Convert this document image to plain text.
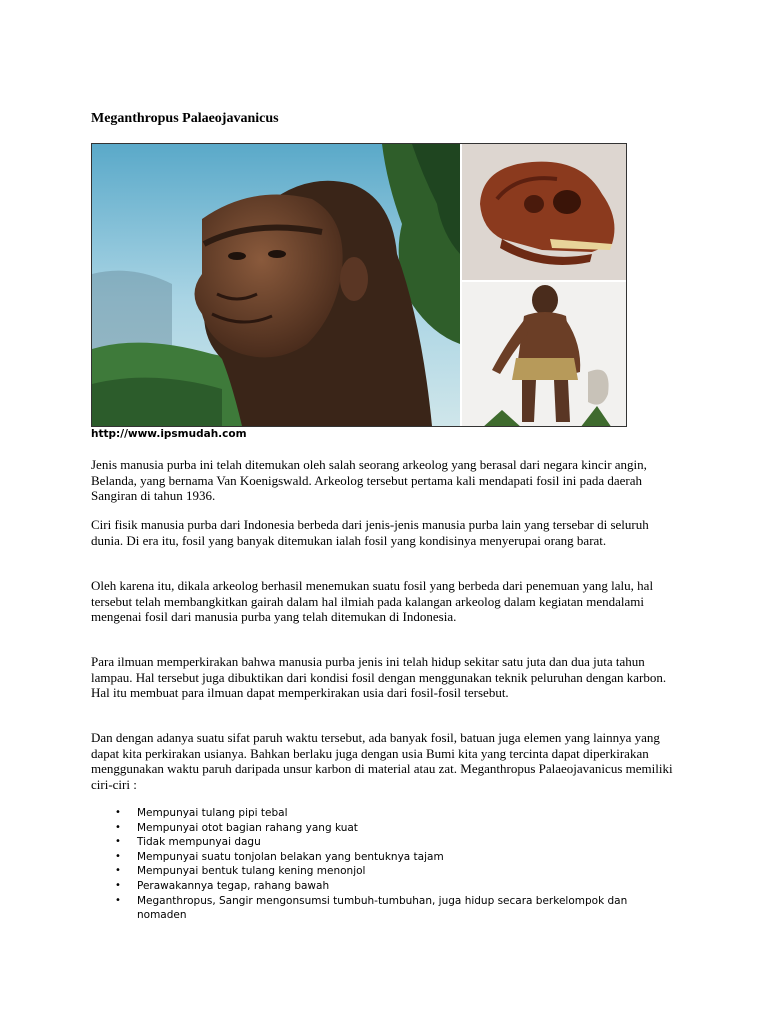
Meganthropus Palaeojavanicus
http://www.ipsmudah.com

Jenis manusia purba ini telah ditemukan oleh salah seorang arkeolog yang berasal dari negara kincir angin, Belanda, yang bernama Van Koenigswald. Arkeolog tersebut pertama kali mendapati fosil ini pada daerah Sangiran di tahun 1936.

Ciri fisik manusia purba dari Indonesia berbeda dari jenis-jenis manusia purba lain yang tersebar di seluruh dunia. Di era itu, fosil yang banyak ditemukan ialah fosil yang kondisinya menyerupai orang barat.

Oleh karena itu, dikala arkeolog berhasil menemukan suatu fosil yang berbeda dari penemuan yang lalu, hal tersebut telah membangkitkan gairah dalam hal ilmiah pada kalangan arkeolog dalam kegiatan mendalami mengenai fosil dari manusia purba yang telah ditemukan di Indonesia.

Para ilmuan memperkirakan bahwa manusia purba jenis ini telah hidup sekitar satu juta dan dua juta tahun lampau. Hal tersebut juga dibuktikan dari kondisi fosil dengan menggunakan teknik peluruhan dengan karbon. Hal itu membuat para ilmuan dapat memperkirakan usia dari fosil-fosil tersebut.

Dan dengan adanya suatu sifat paruh waktu tersebut, ada banyak fosil, batuan juga elemen yang lainnya yang dapat kita perkirakan usianya. Bahkan berlaku juga dengan usia Bumi kita yang tercinta dapat diperkirakan menggunakan waktu paruh daripada unsur karbon di material atau zat. Meganthropus Palaeojavanicus memiliki ciri-ciri :

• Mempunyai tulang pipi tebal
• Mempunyai otot bagian rahang yang kuat
• Tidak mempunyai dagu
• Mempunyai suatu tonjolan belakan yang bentuknya tajam
• Mempunyai bentuk tulang kening menonjol
• Perawakannya tegap, rahang bawah
• Meganthropus, Sangir mengonsumsi tumbuh-tumbuhan, juga hidup secara berkelompok dan nomaden
